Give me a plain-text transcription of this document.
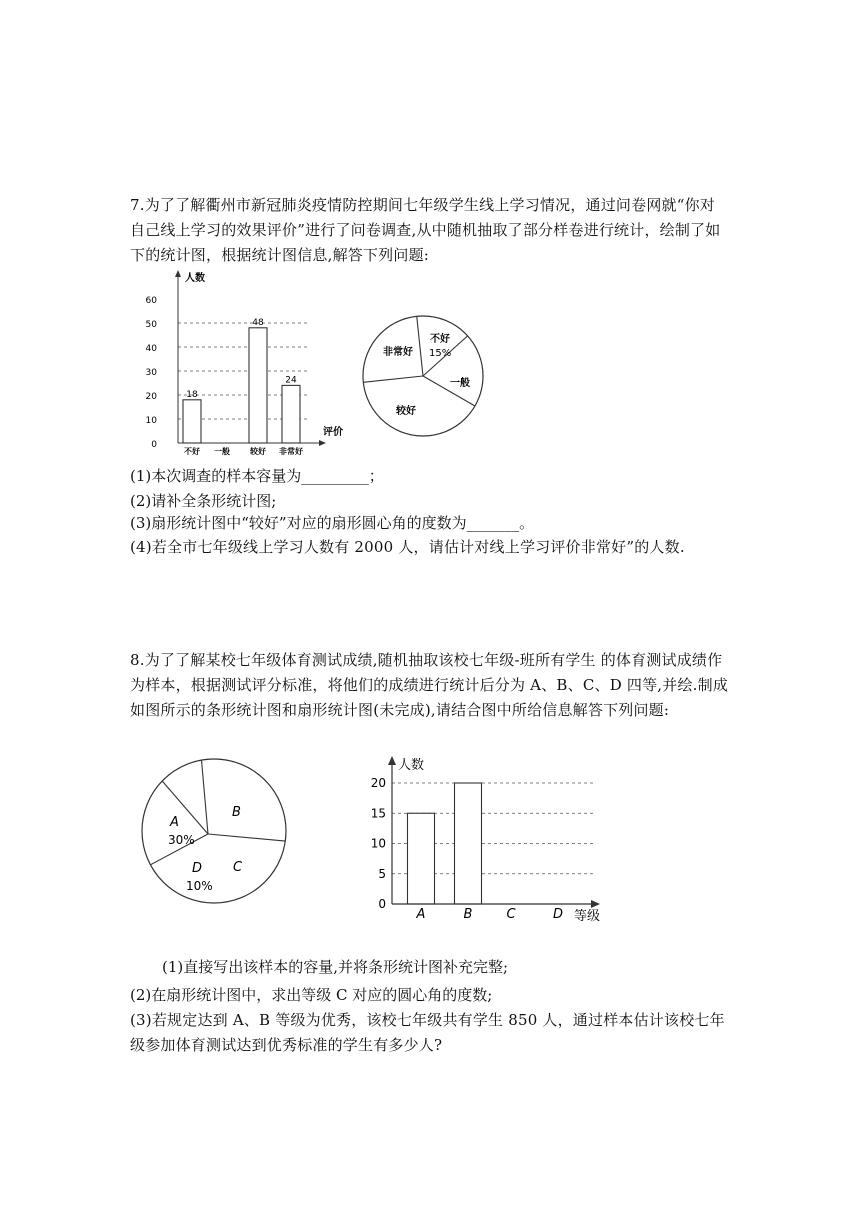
7.为了了解衢州市新冠肺炎疫情防控期间七年级学生线上学习情况，通过问卷网就“你对自己线上学习的效果评价”进行了问卷调查,从中随机抽取了部分样卷进行统计，绘制了如下的统计图，根据统计图信息,解答下列问题:

0
10
20
30
40
50
60
18
48
24
不好 一般	较好 非常好
人数
评价
不好
15%
一般
较好
非常好

(1)本次调查的样本容量为_________；

(2)请补全条形统计图;

(3)扇形统计图中“较好”对应的扇形圆心角的度数为_______。

(4)若全市七年级线上学习人数有 2000 人，请估计对线上学习评价非常好”的人数.

8.为了了解某校七年级体育测试成绩,随机抽取该校七年级-班所有学生 的体育测试成绩作为样本，根据测试评分标准，将他们的成绩进行统计后分为 A、B、C、D 四等,并绘.制成如图所示的条形统计图和扇形统计图(未完成),请结合图中所给信息解答下列问题:

A
30%
B
C
D
10%
0
5
10
15
20
A	B	C	D
人数
等级

(1)直接写出该样本的容量,并将条形统计图补充完整;

(2)在扇形统计图中，求出等级 C 对应的圆心角的度数;

(3)若规定达到 A、B 等级为优秀，该校七年级共有学生 850 人，通过样本估计该校七年级参加体育测试达到优秀标准的学生有多少人?
